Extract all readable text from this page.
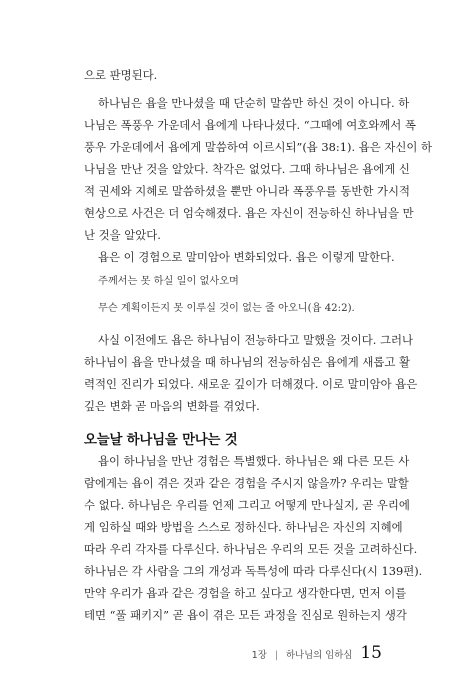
으로 판명된다.
하나님은 욥을 만나셨을 때 단순히 말씀만 하신 것이 아니다. 하
나님은 폭풍우 가운데서 욥에게 나타나셨다. “그때에 여호와께서 폭
풍우 가운데에서 욥에게 말씀하여 이르시되”(욥 38:1). 욥은 자신이 하
나님을 만난 것을 알았다. 착각은 없었다. 그때 하나님은 욥에게 신
적 권세와 지혜로 말씀하셨을 뿐만 아니라 폭풍우를 동반한 가시적
현상으로 사건은 더 엄숙해졌다. 욥은 자신이 전능하신 하나님을 만
난 것을 알았다.
욥은 이 경험으로 말미암아 변화되었다. 욥은 이렇게 말한다.
주께서는 못 하실 일이 없사오며
무슨 계획이든지 못 이루실 것이 없는 줄 아오니(욥 42:2).
사실 이전에도 욥은 하나님이 전능하다고 말했을 것이다. 그러나
하나님이 욥을 만나셨을 때 하나님의 전능하심은 욥에게 새롭고 활
력적인 진리가 되었다. 새로운 깊이가 더해졌다. 이로 말미암아 욥은
깊은 변화 곧 마음의 변화를 겪었다.
오늘날 하나님을 만나는 것
욥이 하나님을 만난 경험은 특별했다. 하나님은 왜 다른 모든 사
람에게는 욥이 겪은 것과 같은 경험을 주시지 않을까? 우리는 말할
수 없다. 하나님은 우리를 언제 그리고 어떻게 만나실지, 곧 우리에
게 임하실 때와 방법을 스스로 정하신다. 하나님은 자신의 지혜에
따라 우리 각자를 다루신다. 하나님은 우리의 모든 것을 고려하신다.
하나님은 각 사람을 그의 개성과 독특성에 따라 다루신다(시 139편).
만약 우리가 욥과 같은 경험을 하고 싶다고 생각한다면, 먼저 이를
테면 “풀 패키지” 곧 욥이 겪은 모든 과정을 진심로 원하는지 생각
1장 | 하나님의 임하심 15
